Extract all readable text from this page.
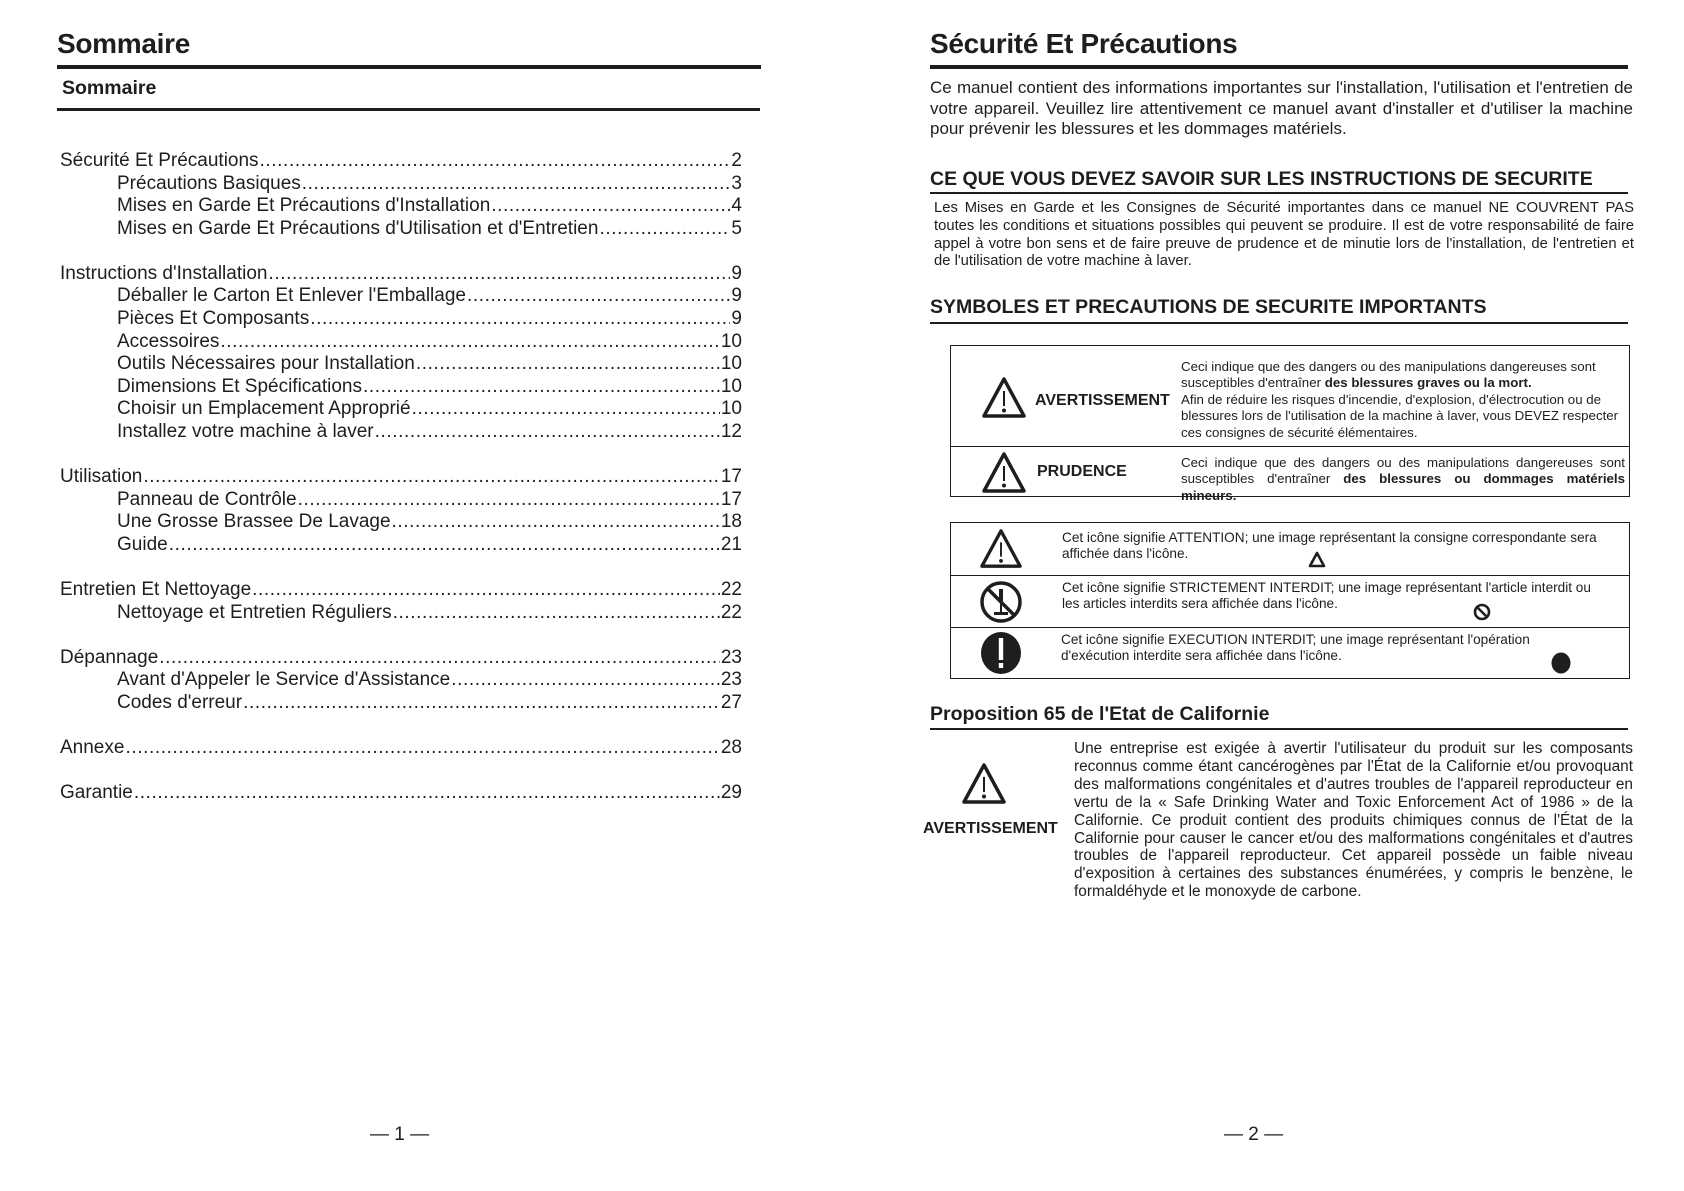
Sommaire
Sommaire
Sécurité Et Précautions .....	2
Précautions Basiques .....	3
Mises en Garde Et Précautions d'Installation .....	4
Mises en Garde Et Précautions d'Utilisation et d'Entretien .....	5
Instructions d'Installation .....	9
Déballer le Carton Et Enlever l'Emballage .....	9
Pièces Et Composants .....	9
Accessoires .....	10
Outils Nécessaires pour Installation .....	10
Dimensions Et Spécifications .....	10
Choisir un Emplacement Approprié .....	10
Installez votre machine à laver .....	12
Utilisation .....	17
Panneau de Contrôle .....	17
Une Grosse Brassee De Lavage .....	18
Guide .....	21
Entretien Et Nettoyage .....	22
Nettoyage et Entretien Réguliers .....	22
Dépannage .....	23
Avant d'Appeler le Service d'Assistance .....	23
Codes d'erreur .....	27
Annexe .....	28
Garantie .....	29
— 1 —
Sécurité Et Précautions
Ce manuel contient des informations importantes sur l'installation, l'utilisation et l'entretien de votre appareil. Veuillez lire attentivement ce manuel avant d'installer et d'utiliser la machine pour prévenir les blessures et les dommages matériels.
CE QUE VOUS DEVEZ SAVOIR SUR LES INSTRUCTIONS DE SECURITE
Les Mises en Garde et les Consignes de Sécurité importantes dans ce manuel NE COUVRENT PAS toutes les conditions et situations possibles qui peuvent se produire. Il est de votre responsabilité de faire appel à votre bon sens et de faire preuve de prudence et de minutie lors de l'installation, de l'entretien et de l'utilisation de votre machine à laver.
SYMBOLES ET PRECAUTIONS DE SECURITE IMPORTANTS
AVERTISSEMENT
Ceci indique que des dangers ou des manipulations dangereuses sont susceptibles d'entraîner des blessures graves ou la mort.
Afin de réduire les risques d'incendie, d'explosion, d'électrocution ou de blessures lors de l'utilisation de la machine à laver, vous DEVEZ respecter ces consignes de sécurité élémentaires.
PRUDENCE
Ceci indique que des dangers ou des manipulations dangereuses sont susceptibles d'entraîner des blessures ou dommages matériels mineurs.
Cet icône signifie ATTENTION; une image représentant la consigne correspondante sera affichée dans l'icône.
Cet icône signifie STRICTEMENT INTERDIT; une image représentant l'article interdit ou les articles interdits sera affichée dans l'icône.
Cet icône signifie EXECUTION INTERDIT; une image représentant l'opération d'exécution interdite sera affichée dans l'icône.
Proposition 65 de l'Etat de Californie
AVERTISSEMENT
Une entreprise est exigée à avertir l'utilisateur du produit sur les composants reconnus comme étant cancérogènes par l'État de la Californie et/ou provoquant des malformations congénitales et d'autres troubles de l'appareil reproducteur en vertu de la « Safe Drinking Water and Toxic Enforcement Act of 1986 » de la Californie. Ce produit contient des produits chimiques connus de l'État de la Californie pour causer le cancer et/ou des malformations congénitales et d'autres troubles de l'appareil reproducteur. Cet appareil possède un faible niveau d'exposition à certaines des substances énumérées, y compris le benzène, le formaldéhyde et le monoxyde de carbone.
— 2 —
